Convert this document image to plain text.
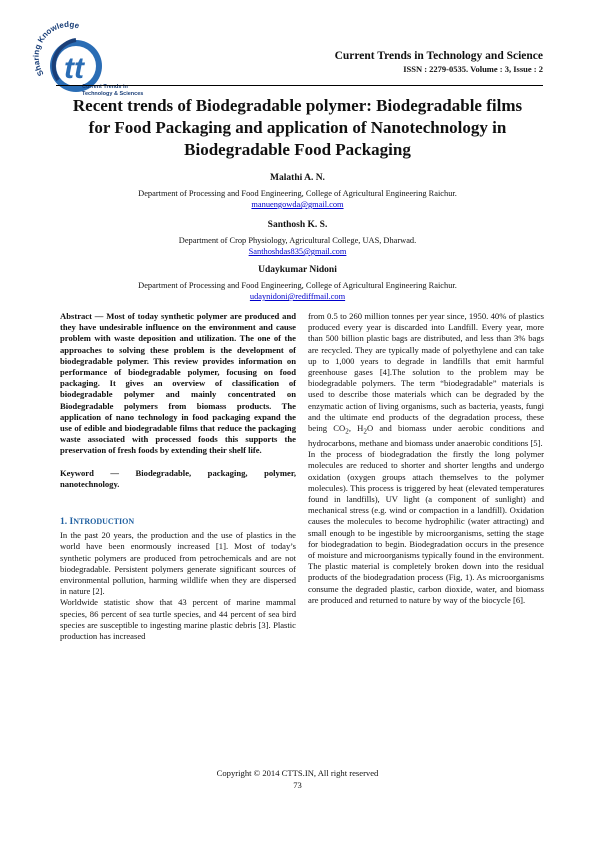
Sharing Knowledge
tt
Current Trends in
Technology & Sciences
Current Trends in Technology and Science
ISSN : 2279-0535. Volume : 3, Issue : 2
Recent trends of Biodegradable polymer: Biodegradable films
for Food Packaging and application of Nanotechnology in
Biodegradable Food Packaging
Malathi A. N.
Department of Processing and Food Engineering, College of Agricultural Engineering Raichur.
manuengowda@gmail.com
Santhosh K. S.
Department of Crop Physiology, Agricultural College, UAS, Dharwad.
Santhoshdas835@gmail.com
Udaykumar Nidoni
Department of Processing and Food Engineering, College of Agricultural Engineering Raichur.
udaynidoni@rediffmail.com

Abstract — Most of today synthetic polymer are produced and they have undesirable influence on the environment and cause problem with waste deposition and utilization. The one of the approaches to solving these problem is the development of biodegradable polymer. This review provides information on performance of biodegradable polymer, focusing on food packaging. It gives an overview of classification of biodegradable polymer and mainly concentrated on Biodegradable polymers from biomass products. The application of nano technology in food packaging expand the use of edible and biodegradable films that reduce the packaging waste associated with processed foods this supports the preservation of fresh foods by extending their shelf life.

Keyword — Biodegradable, packaging, polymer, nanotechnology.

1. INTRODUCTION

In the past 20 years, the production and the use of plastics in the world have been enormously increased [1]. Most of today’s synthetic polymers are produced from petrochemicals and are not biodegradable. Persistent polymers generate significant sources of environmental pollution, harming wildlife when they are dispersed in nature [2].

Worldwide statistic show that 43 percent of marine mammal species, 86 percent of sea turtle species, and 44 percent of sea bird species are susceptible to ingesting marine plastic debris [3]. Plastic production has increased

from 0.5 to 260 million tonnes per year since, 1950. 40% of plastics produced every year is discarded into Landfill. Every year, more than 500 billion plastic bags are distributed, and less than 3% bags are recycled. They are typically made of polyethylene and can take up to 1,000 years to degrade in landfills that emit harmful greenhouse gases [4].The solution to the problem may be biodegradable polymers. The term “biodegradable” materials is used to describe those materials which can be degraded by the enzymatic action of living organisms, such as bacteria, yeasts, fungi and the ultimate end products of the degradation process, these being $CO_2$, $H_2O$ and biomass under aerobic conditions and hydrocarbons, methane and biomass under anaerobic conditions [5].

In the process of biodegradation the firstly the long polymer molecules are reduced to shorter and shorter lengths and undergo oxidation (oxygen groups attach themselves to the polymer molecules). This process is triggered by heat (elevated temperatures found in landfills), UV light (a component of sunlight) and mechanical stress (e.g. wind or compaction in a landfill). Oxidation causes the molecules to become hydrophilic (water attracting) and small enough to be ingestible by microorganisms, setting the stage for biodegradation to begin. Biodegradation occurs in the presence of moisture and microorganisms typically found in the environment. The plastic material is completely broken down into the residual products of the biodegradation process (Fig, 1). As microorganisms consume the degraded plastic, carbon dioxide, water, and biomass are produced and returned to nature by way of the biocycle [6].

Copyright © 2014 CTTS.IN, All right reserved
73
